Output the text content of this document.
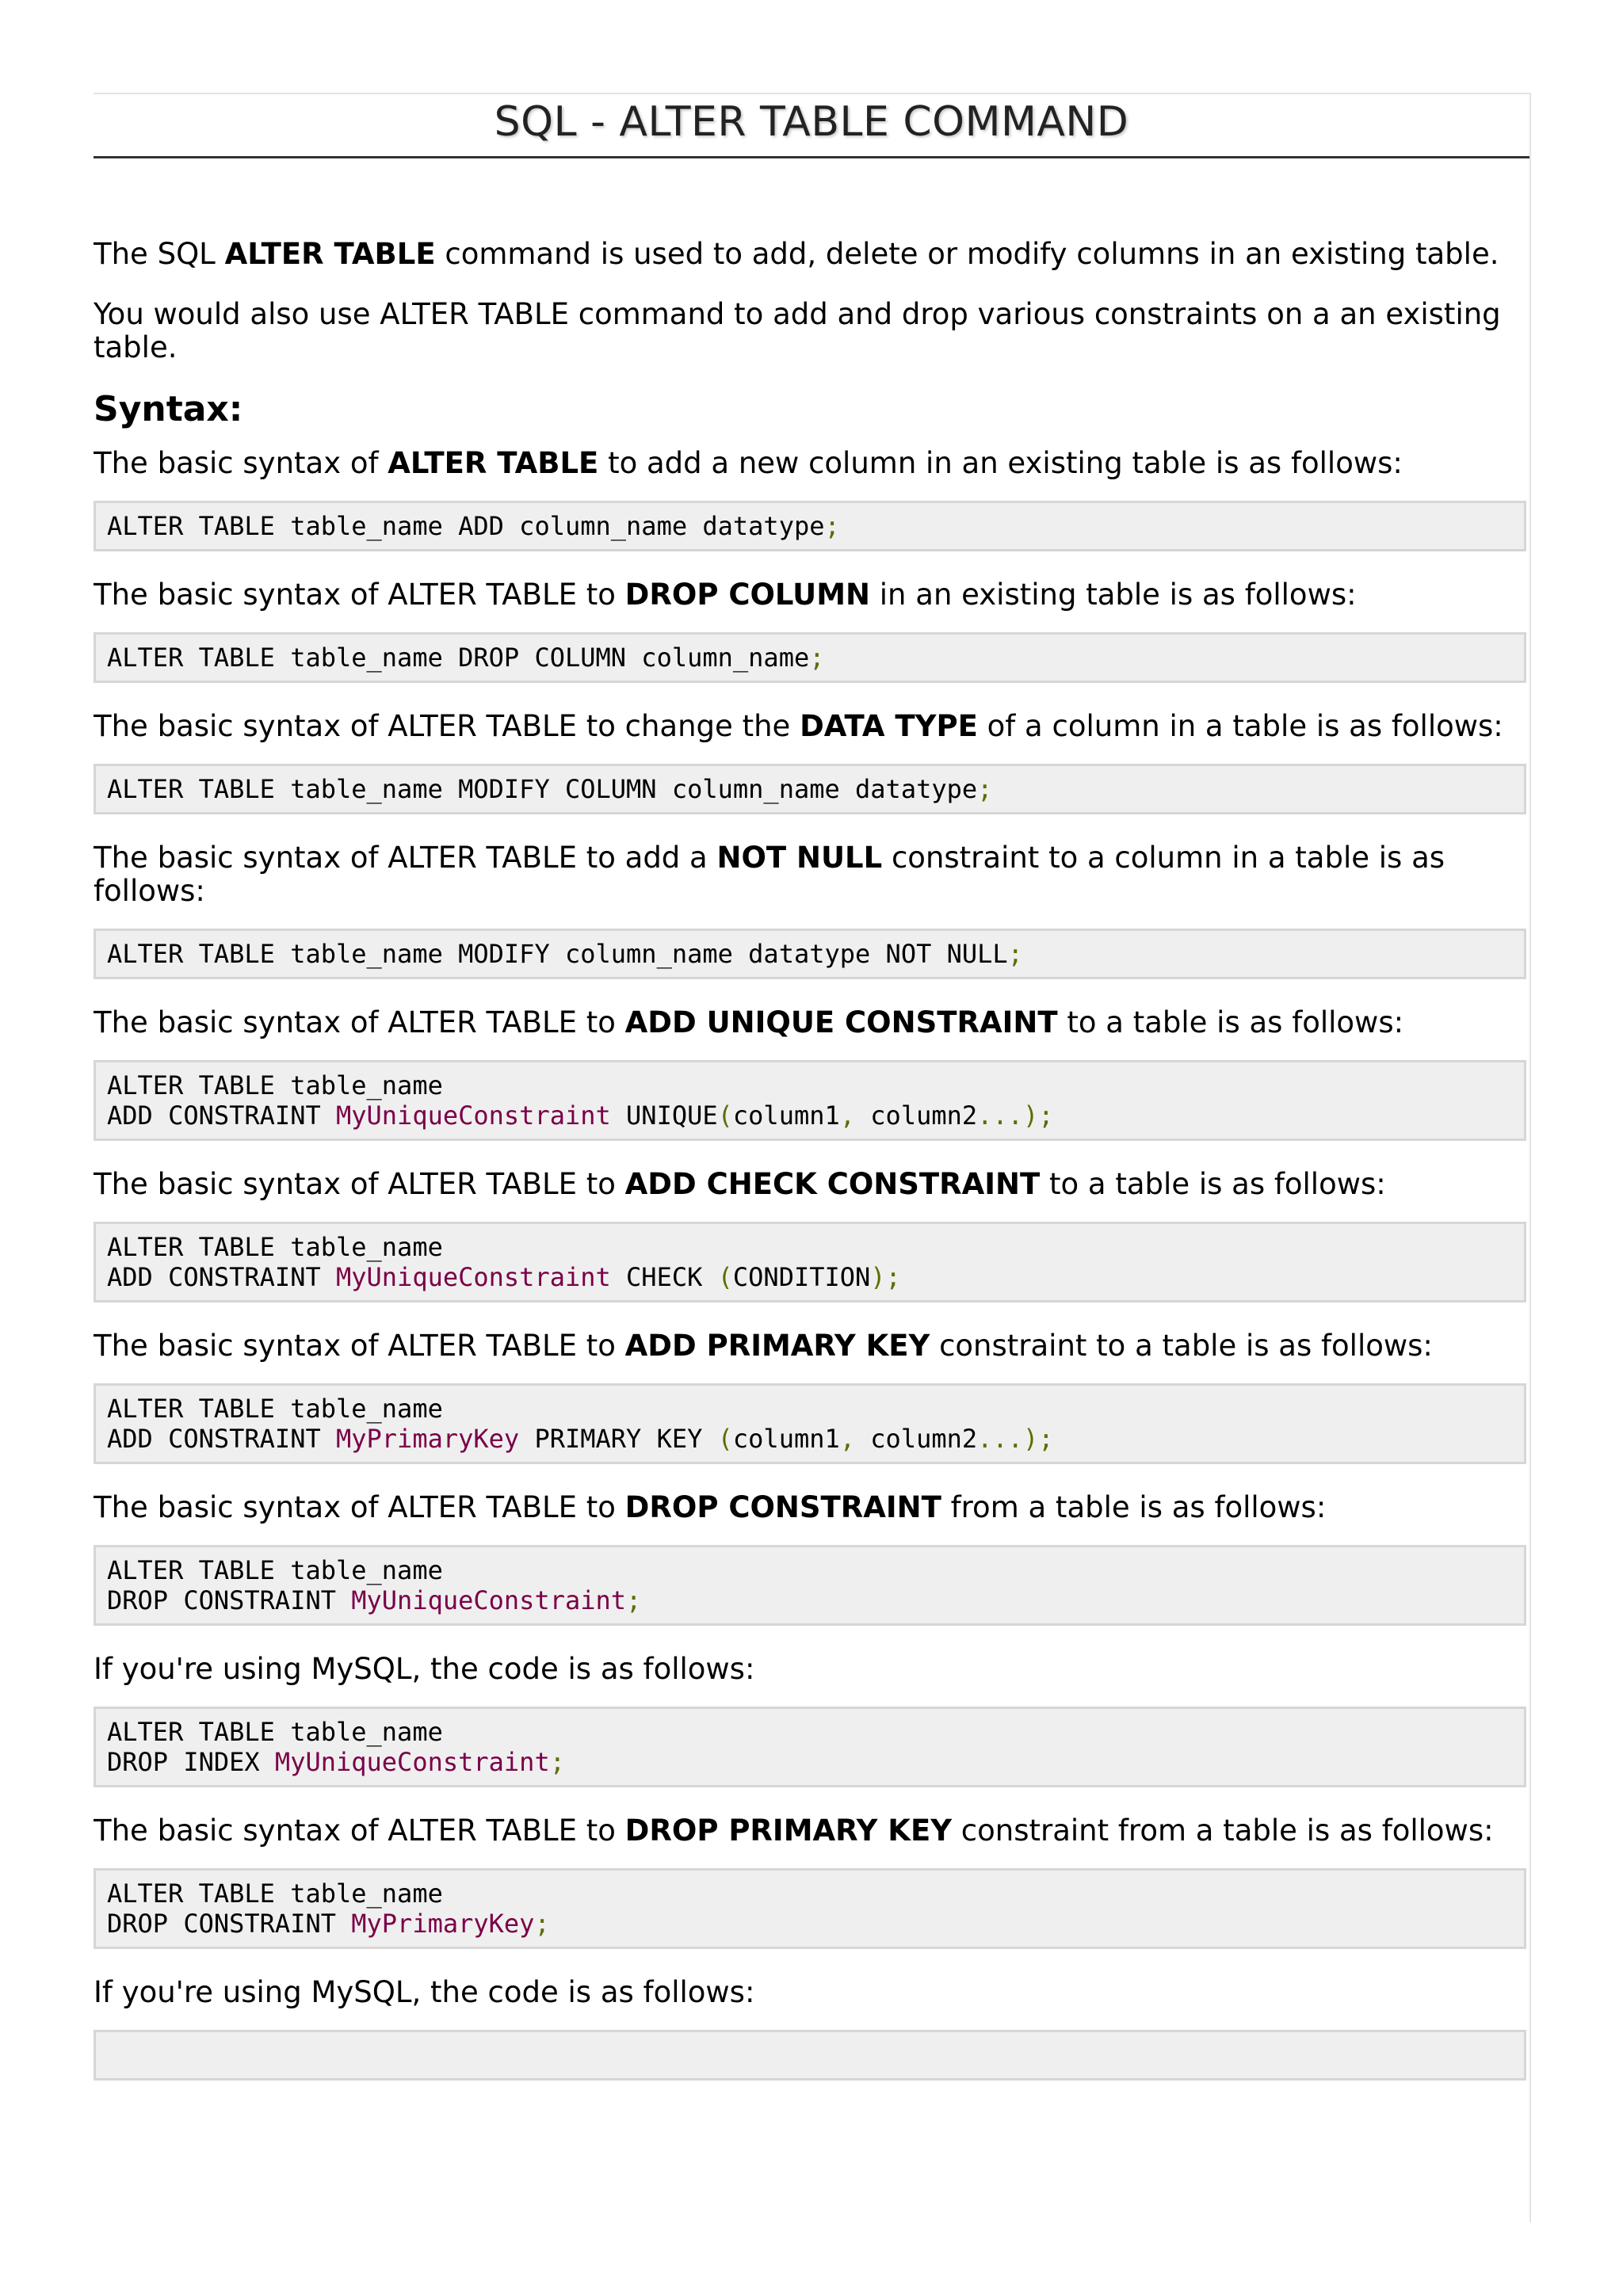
SQL - ALTER TABLE COMMAND

The SQL ALTER TABLE command is used to add, delete or modify columns in an existing table.

You would also use ALTER TABLE command to add and drop various constraints on a an existing table.

Syntax:

The basic syntax of ALTER TABLE to add a new column in an existing table is as follows:

ALTER TABLE table_name ADD column_name datatype;

The basic syntax of ALTER TABLE to DROP COLUMN in an existing table is as follows:

ALTER TABLE table_name DROP COLUMN column_name;

The basic syntax of ALTER TABLE to change the DATA TYPE of a column in a table is as follows:

ALTER TABLE table_name MODIFY COLUMN column_name datatype;

The basic syntax of ALTER TABLE to add a NOT NULL constraint to a column in a table is as follows:

ALTER TABLE table_name MODIFY column_name datatype NOT NULL;

The basic syntax of ALTER TABLE to ADD UNIQUE CONSTRAINT to a table is as follows:

ALTER TABLE table_name
ADD CONSTRAINT MyUniqueConstraint UNIQUE(column1, column2...);

The basic syntax of ALTER TABLE to ADD CHECK CONSTRAINT to a table is as follows:

ALTER TABLE table_name
ADD CONSTRAINT MyUniqueConstraint CHECK (CONDITION);

The basic syntax of ALTER TABLE to ADD PRIMARY KEY constraint to a table is as follows:

ALTER TABLE table_name
ADD CONSTRAINT MyPrimaryKey PRIMARY KEY (column1, column2...);

The basic syntax of ALTER TABLE to DROP CONSTRAINT from a table is as follows:

ALTER TABLE table_name
DROP CONSTRAINT MyUniqueConstraint;

If you're using MySQL, the code is as follows:

ALTER TABLE table_name
DROP INDEX MyUniqueConstraint;

The basic syntax of ALTER TABLE to DROP PRIMARY KEY constraint from a table is as follows:

ALTER TABLE table_name
DROP CONSTRAINT MyPrimaryKey;

If you're using MySQL, the code is as follows:
